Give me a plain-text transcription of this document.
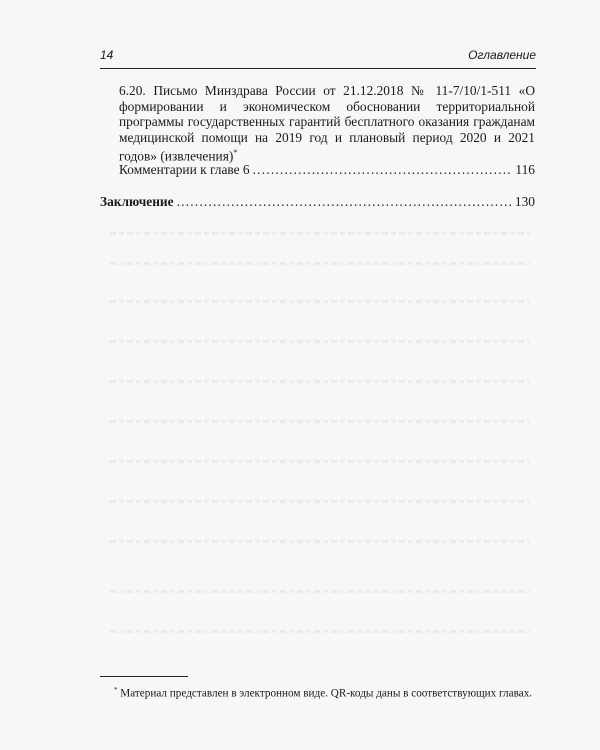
14	Оглавление
6.20. Письмо Минздрава России от 21.12.2018 № 11-7/10/1-511 «О формировании и экономическом обосновании территориальной программы государственных гарантий бесплатного оказания гражданам медицинской помощи на 2019 год и плановый период 2020 и 2021 годов» (извлечения)*
Комментарии к главе 6 .....	116
Заключение .....	130
* Материал представлен в электронном виде. QR-коды даны в соответствующих главах.
